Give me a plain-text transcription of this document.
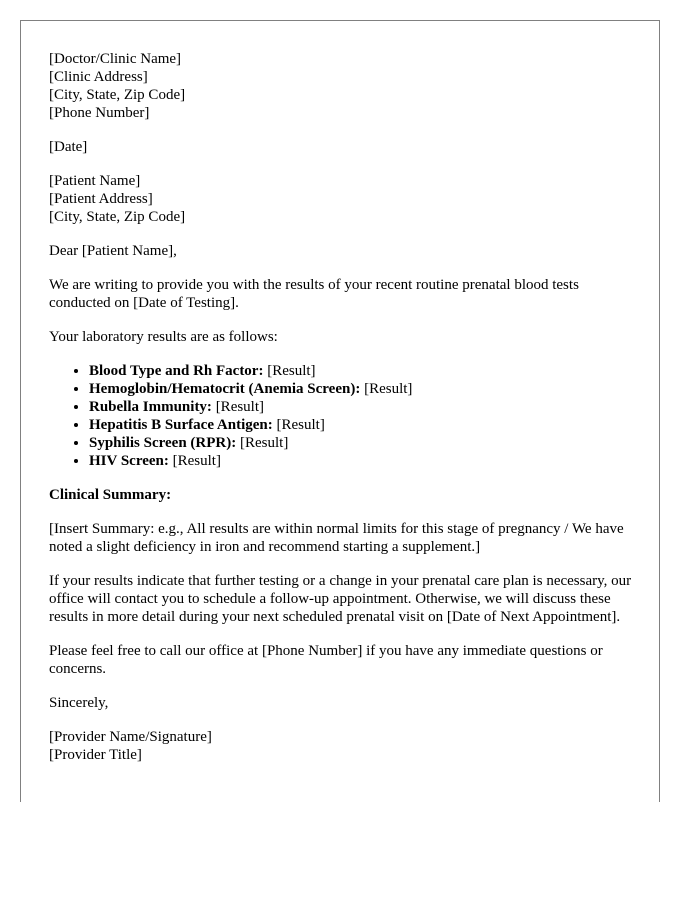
[Doctor/Clinic Name]
[Clinic Address]
[City, State, Zip Code]
[Phone Number]

[Date]

[Patient Name]
[Patient Address]
[City, State, Zip Code]

Dear [Patient Name],

We are writing to provide you with the results of your recent routine prenatal blood tests conducted on [Date of Testing].

Your laboratory results are as follows:

• Blood Type and Rh Factor: [Result]
• Hemoglobin/Hematocrit (Anemia Screen): [Result]
• Rubella Immunity: [Result]
• Hepatitis B Surface Antigen: [Result]
• Syphilis Screen (RPR): [Result]
• HIV Screen: [Result]

Clinical Summary:

[Insert Summary: e.g., All results are within normal limits for this stage of pregnancy / We have noted a slight deficiency in iron and recommend starting a supplement.]

If your results indicate that further testing or a change in your prenatal care plan is necessary, our office will contact you to schedule a follow-up appointment. Otherwise, we will discuss these results in more detail during your next scheduled prenatal visit on [Date of Next Appointment].

Please feel free to call our office at [Phone Number] if you have any immediate questions or concerns.

Sincerely,

[Provider Name/Signature]
[Provider Title]
